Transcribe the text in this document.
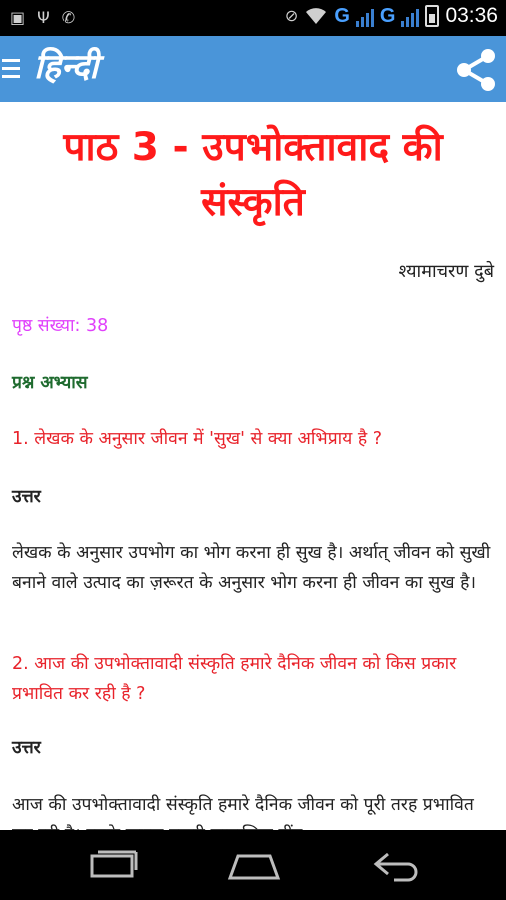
▣ Ψ ✆	⊘ G G 03:36
हिन्दी
पाठ 3 - उपभोक्तावाद की संस्कृति
श्यामाचरण दुबे
पृष्ठ संख्या: 38
प्रश्न अभ्यास
1. लेखक के अनुसार जीवन में 'सुख' से क्या अभिप्राय है ?
उत्तर
लेखक के अनुसार उपभोग का भोग करना ही सुख है। अर्थात् जीवन को सुखी बनाने वाले उत्पाद का ज़रूरत के अनुसार भोग करना ही जीवन का सुख है।
2. आज की उपभोक्तावादी संस्कृति हमारे दैनिक जीवन को किस प्रकार प्रभावित कर रही है ?
उत्तर
आज की उपभोक्तावादी संस्कृति हमारे दैनिक जीवन को पूरी तरह प्रभावित
